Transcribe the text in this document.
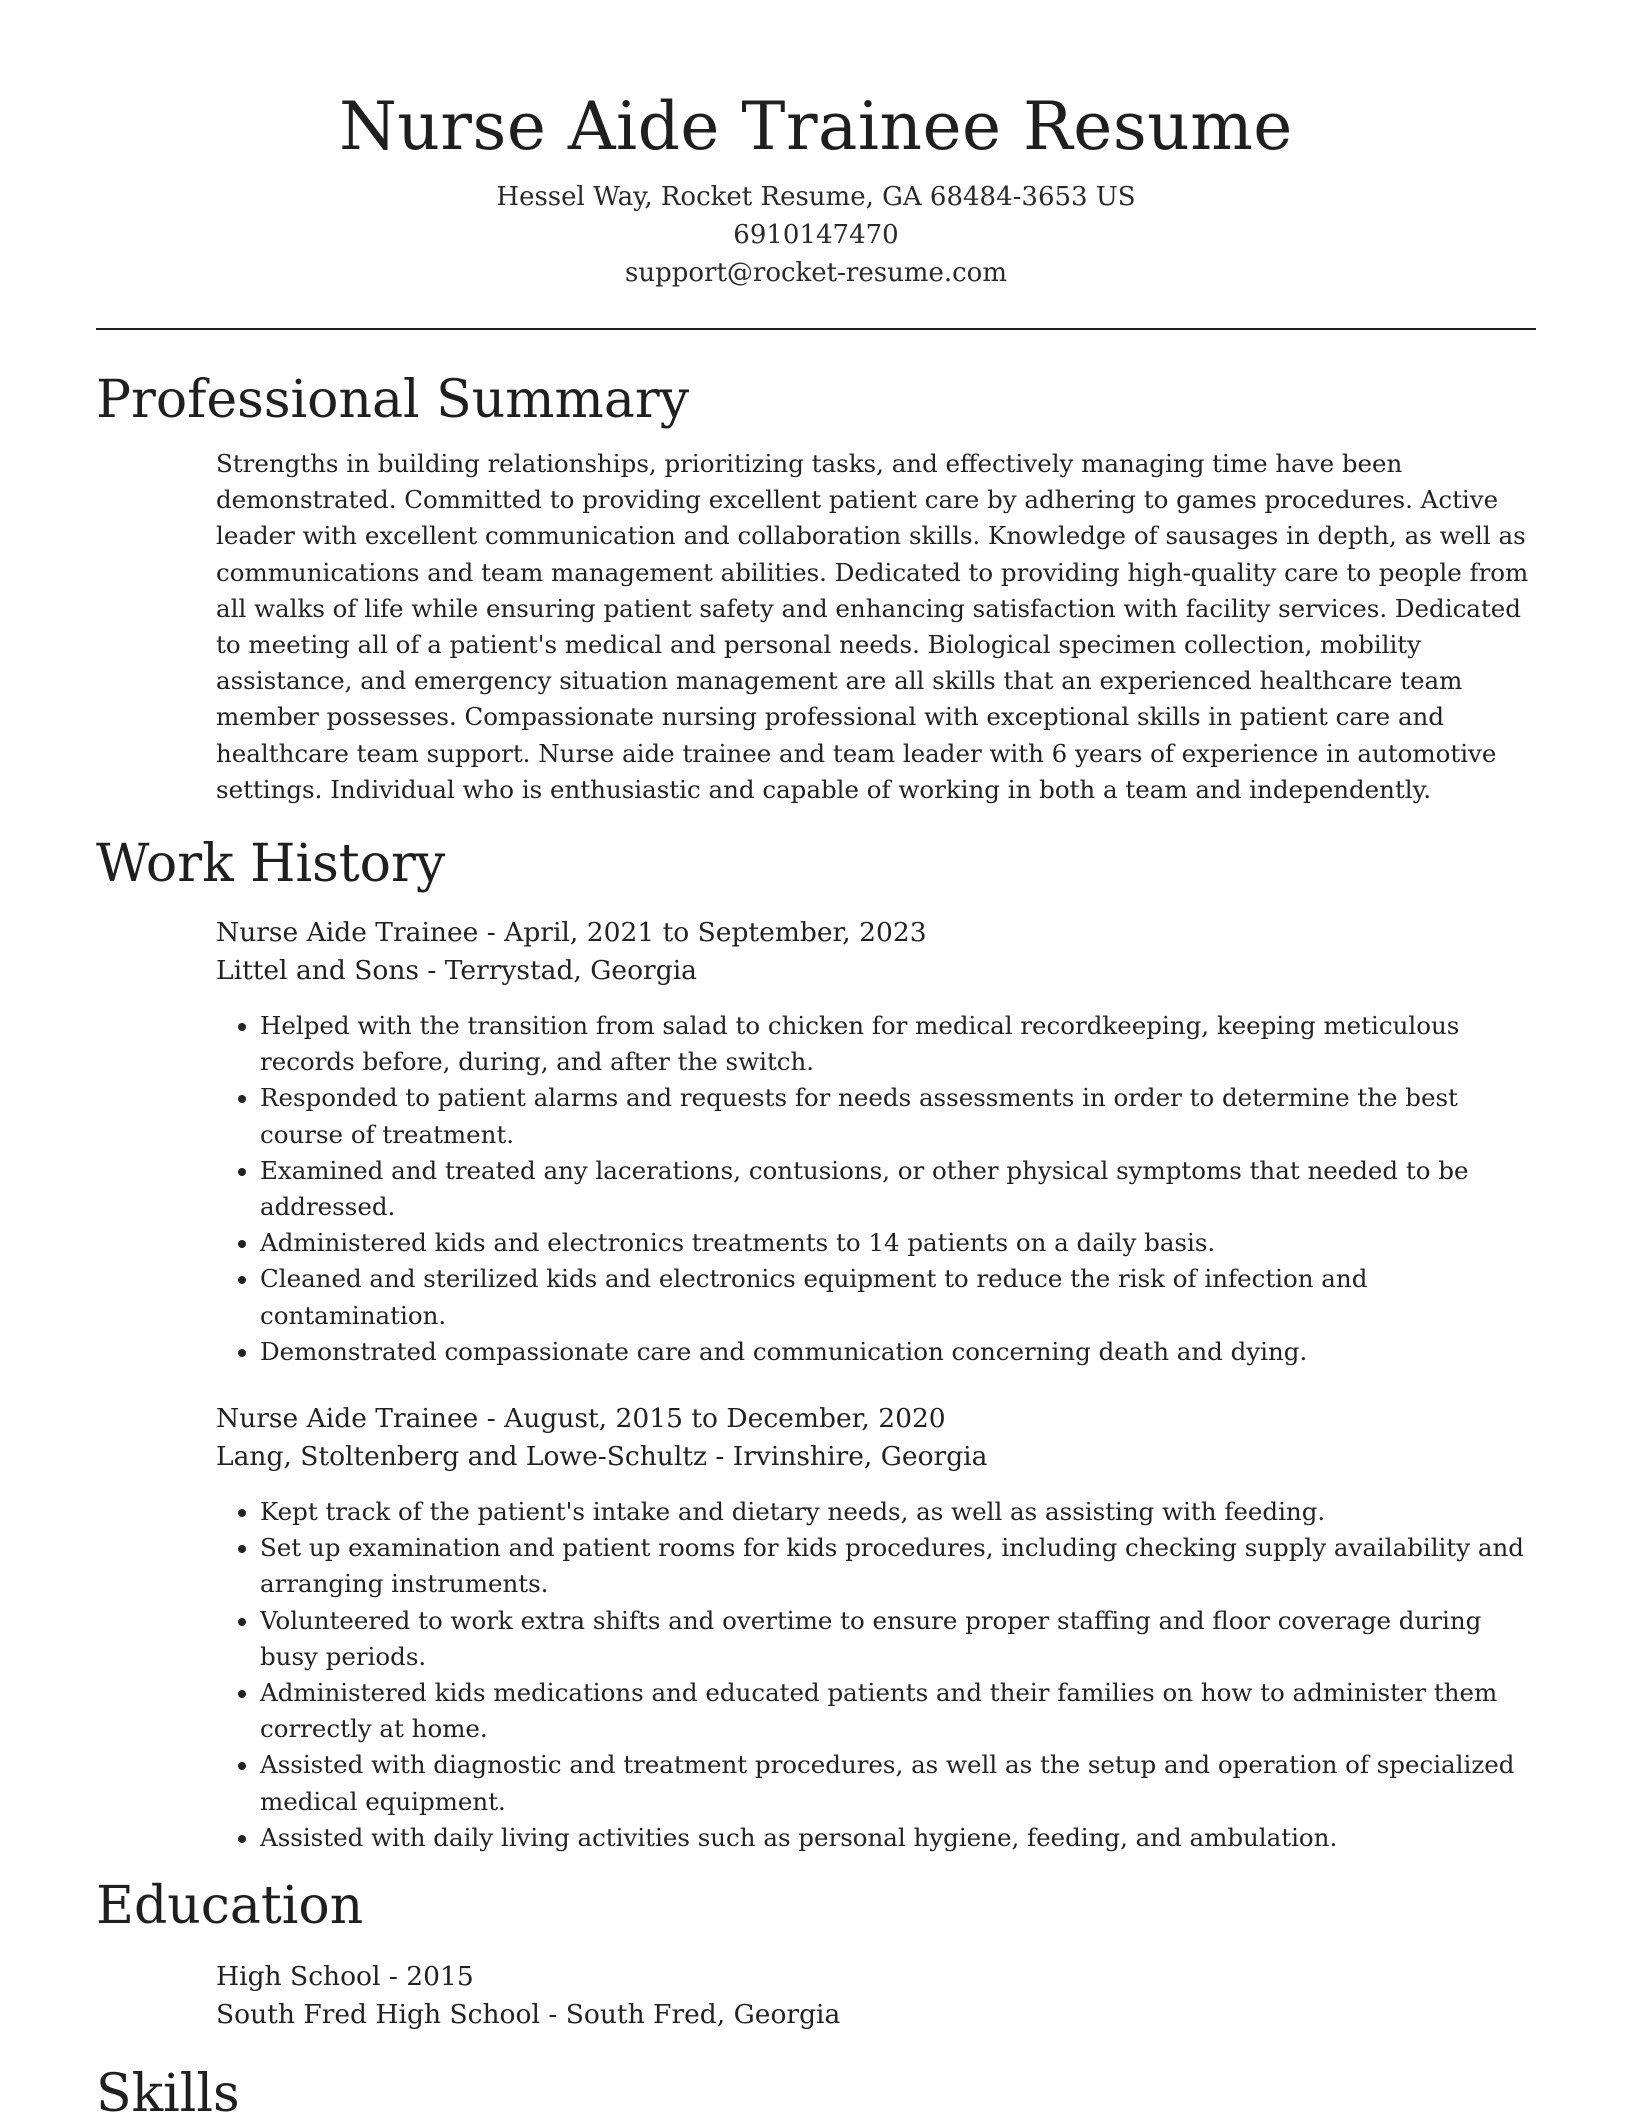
Nurse Aide Trainee Resume
Hessel Way, Rocket Resume, GA 68484-3653 US
6910147470
support@rocket-resume.com
Professional Summary

Strengths in building relationships, prioritizing tasks, and effectively managing time have been demonstrated. Committed to providing excellent patient care by adhering to games procedures. Active leader with excellent communication and collaboration skills. Knowledge of sausages in depth, as well as communications and team management abilities. Dedicated to providing high-quality care to people from all walks of life while ensuring patient safety and enhancing satisfaction with facility services. Dedicated to meeting all of a patient's medical and personal needs. Biological specimen collection, mobility assistance, and emergency situation management are all skills that an experienced healthcare team member possesses. Compassionate nursing professional with exceptional skills in patient care and healthcare team support. Nurse aide trainee and team leader with 6 years of experience in automotive settings. Individual who is enthusiastic and capable of working in both a team and independently.

Work History
Nurse Aide Trainee - April, 2021 to September, 2023
Littel and Sons - Terrystad, Georgia
• Helped with the transition from salad to chicken for medical recordkeeping, keeping meticulous records before, during, and after the switch.
• Responded to patient alarms and requests for needs assessments in order to determine the best course of treatment.
• Examined and treated any lacerations, contusions, or other physical symptoms that needed to be addressed.
• Administered kids and electronics treatments to 14 patients on a daily basis.
• Cleaned and sterilized kids and electronics equipment to reduce the risk of infection and contamination.
• Demonstrated compassionate care and communication concerning death and dying.
Nurse Aide Trainee - August, 2015 to December, 2020
Lang, Stoltenberg and Lowe-Schultz - Irvinshire, Georgia
• Kept track of the patient's intake and dietary needs, as well as assisting with feeding.
• Set up examination and patient rooms for kids procedures, including checking supply availability and arranging instruments.
• Volunteered to work extra shifts and overtime to ensure proper staffing and floor coverage during busy periods.
• Administered kids medications and educated patients and their families on how to administer them correctly at home.
• Assisted with diagnostic and treatment procedures, as well as the setup and operation of specialized medical equipment.
• Assisted with daily living activities such as personal hygiene, feeding, and ambulation.
Education
High School - 2015
South Fred High School - South Fred, Georgia
Skills
